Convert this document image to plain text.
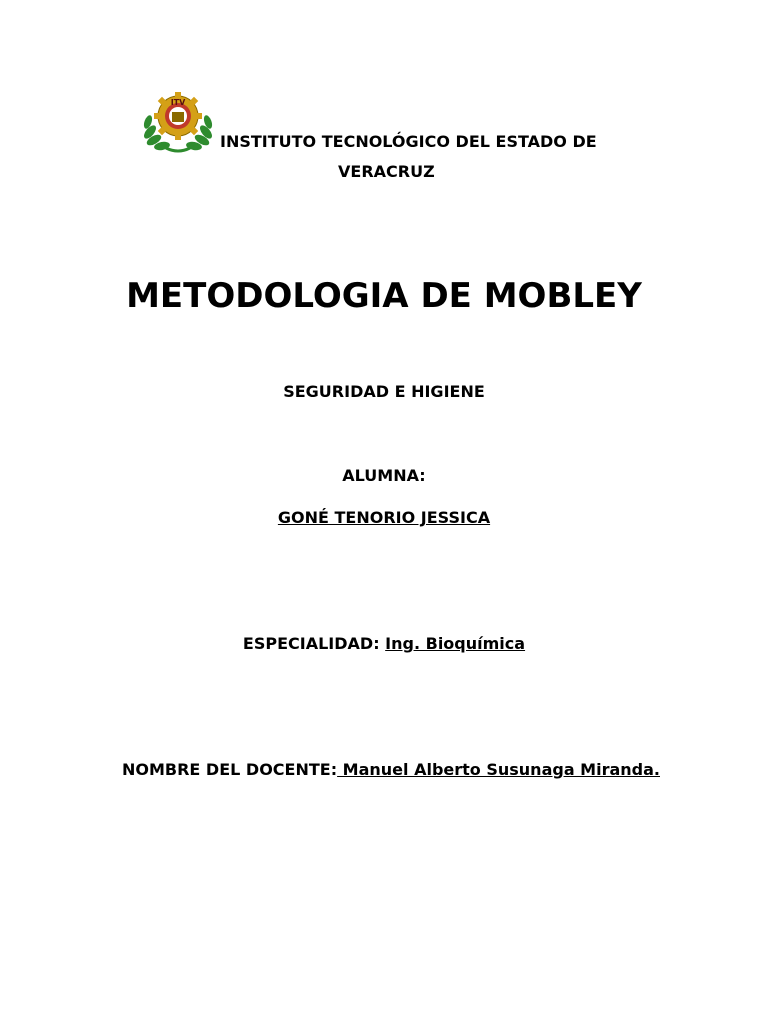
ITV
INSTITUTO TECNOLÓGICO DEL ESTADO DE
VERACRUZ
METODOLOGIA DE MOBLEY
SEGURIDAD E HIGIENE
ALUMNA:
GONÉ TENORIO JESSICA
ESPECIALIDAD: Ing. Bioquímica
NOMBRE DEL DOCENTE: Manuel Alberto Susunaga Miranda.
